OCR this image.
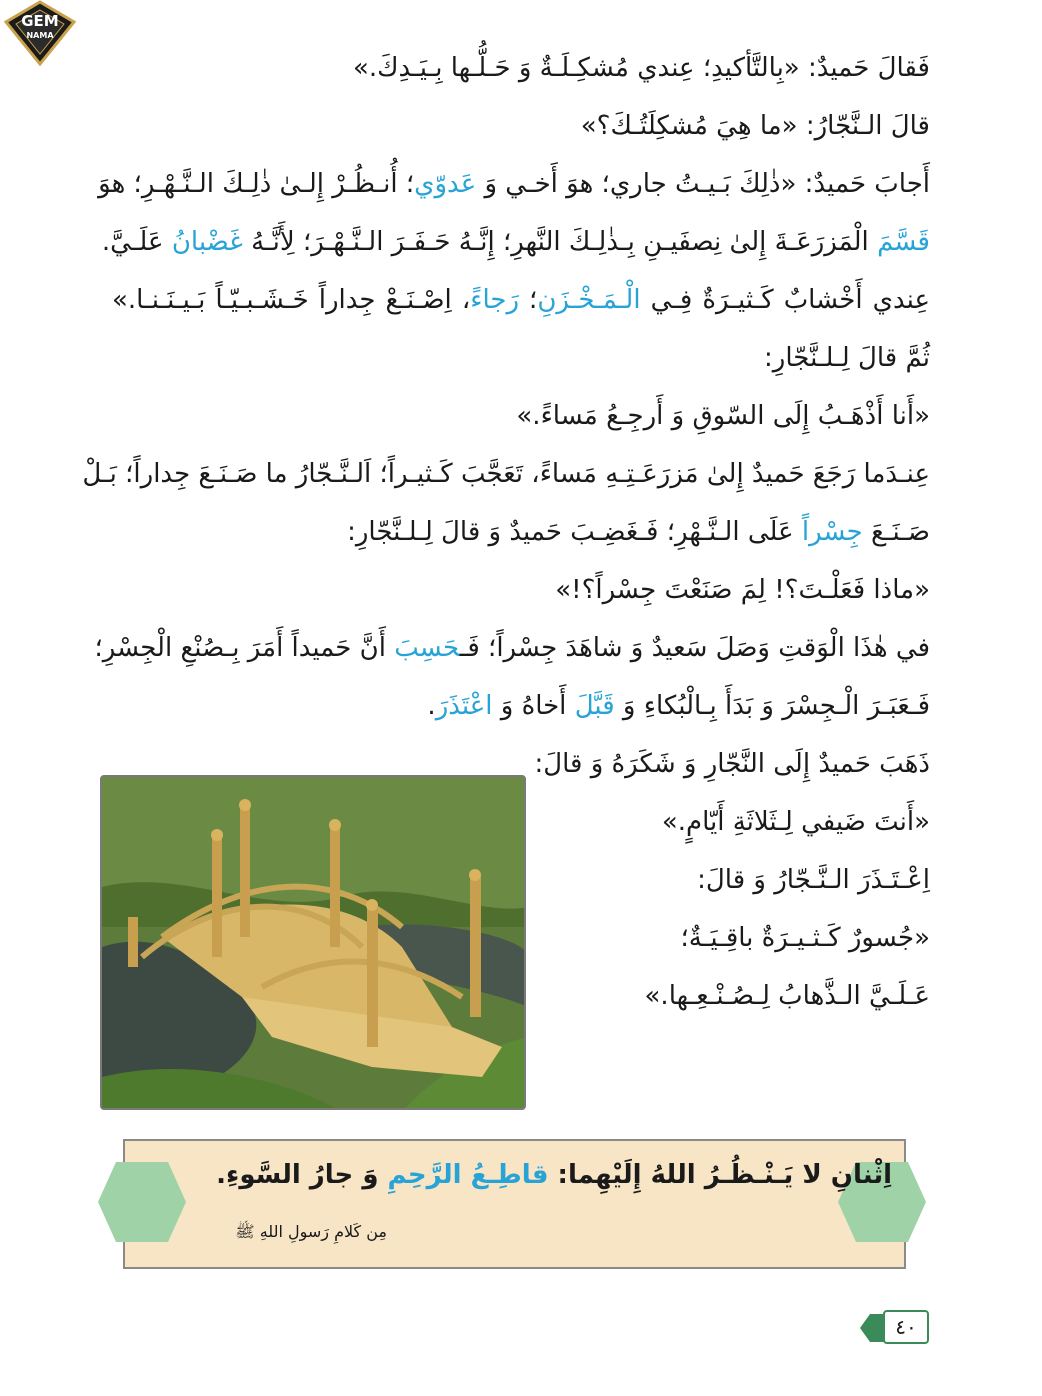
GEM
NAMA
فَقالَ حَميدٌ: «بِالتَّأكيدِ؛ عِندي مُشكِـلَـةٌ وَ حَـلُّـها بِـيَـدِكَ.»
قالَ الـنَّجّارُ: «ما هِيَ مُشكِلَتُـكَ؟»
أَجابَ حَميدٌ: «ذٰلِكَ بَـيـتُ جاري؛ هوَ أَخـي وَ عَدوّي؛ أُنـظُـرْ إِلـىٰ ذٰلِـكَ الـنَّـهْـرِ؛ هوَ
قَسَّمَ الْمَزرَعَـةَ إِلىٰ نِصفَيـنِ بِـذٰلِـكَ النَّهرِ؛ إِنَّـهُ حَـفَـرَ الـنَّـهْـرَ؛ لِأَنَّـهُ غَضْبانُ عَلَـيَّ.
عِندي أَخْشابٌ كَـثيـرَةٌ فِـي الْـمَـخْـزَنِ؛ رَجاءً، اِصْـنَـعْ جِداراً خَـشَـبـيّـاً بَـيـنَـنـا.»
ثُمَّ قالَ لِـلـنَّجّارِ:
«أَنا أَذْهَـبُ إِلَى السّوقِ وَ أَرجِـعُ مَساءً.»
عِنـدَما رَجَعَ حَميدٌ إِلىٰ مَزرَعَـتِـهِ مَساءً، تَعَجَّبَ كَـثيـراً؛ اَلـنَّـجّارُ ما صَـنَـعَ جِداراً؛ بَـلْ
صَـنَـعَ جِسْراً عَلَى الـنَّـهْرِ؛ فَـغَضِـبَ حَميدٌ وَ قالَ لِـلـنَّجّارِ:
«ماذا فَعَلْـتَ؟! لِمَ صَنَعْتَ جِسْراً؟!»
في هٰذَا الْوَقتِ وَصَلَ سَعيدٌ وَ شاهَدَ جِسْراً؛ فَـحَسِبَ أَنَّ حَميداً أَمَرَ بِـصُنْعِ الْجِسْرِ؛
فَـعَبَـرَ الْـجِسْرَ وَ بَدَأَ بِـالْبُكاءِ وَ قَبَّلَ أَخاهُ وَ اعْتَذَرَ.
ذَهَبَ حَميدٌ إِلَى النَّجّارِ وَ شَكَرَهُ وَ قالَ:
«أَنتَ ضَيفي لِـثَلاثَةِ أَيّامٍ.»
اِعْـتَـذَرَ الـنَّـجّارُ وَ قالَ:
«جُسورٌ كَـثـيـرَةٌ باقِـيَـةٌ؛
عَـلَـيَّ الـذَّهابُ لِـصُـنْـعِـها.»
اِثْنانِ لا يَـنْـظُـرُ اللهُ إِلَيْهِما: قاطِـعُ الرَّحِمِ وَ جارُ السَّوءِ.
مِن كَلامِ رَسولِ اللهِ ﷺ
٤٠
